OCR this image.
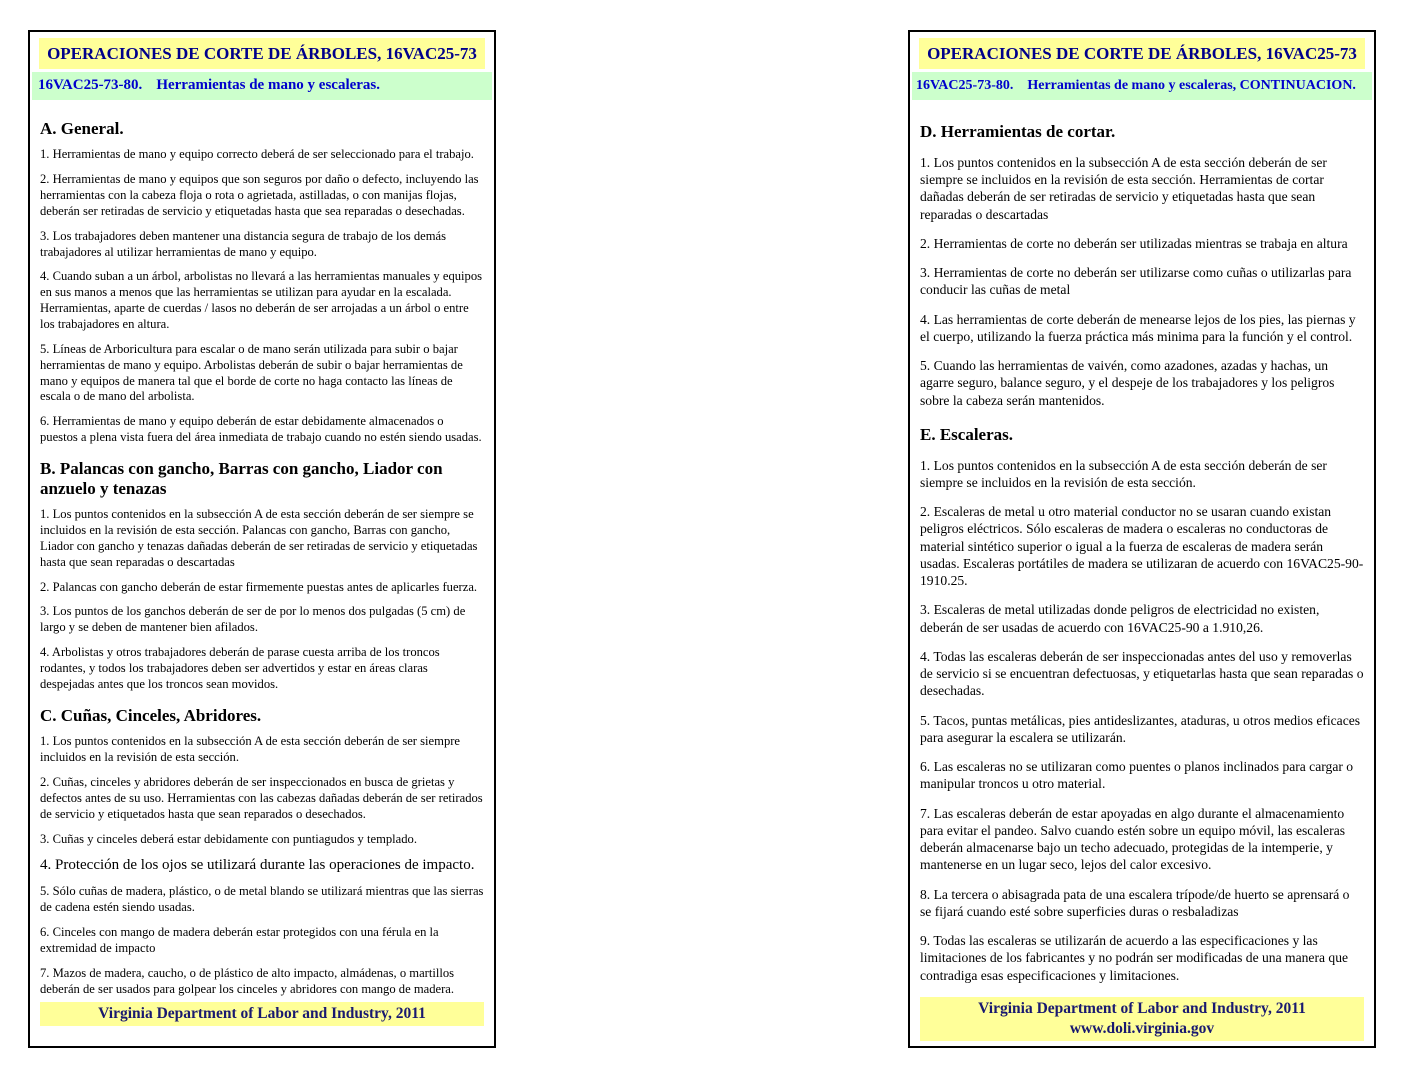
OPERACIONES DE CORTE DE ÁRBOLES, 16VAC25-73
16VAC25-73-80. Herramientas de mano y escaleras.
A. General.

1. Herramientas de mano y equipo correcto deberá de ser seleccionado para el trabajo.

2. Herramientas de mano y equipos que son seguros por daño o defecto, incluyendo las herramientas con la cabeza floja o rota o agrietada, astilladas, o con manijas flojas, deberán ser retiradas de servicio y etiquetadas hasta que sea reparadas o desechadas.

3. Los trabajadores deben mantener una distancia segura de trabajo de los demás trabajadores al utilizar herramientas de mano y equipo.

4. Cuando suban a un árbol, arbolistas no llevará a las herramientas manuales y equipos en sus manos a menos que las herramientas se utilizan para ayudar en la escalada. Herramientas, aparte de cuerdas / lasos no deberán de ser arrojadas a un árbol o entre los trabajadores en altura.

5. Líneas de Arboricultura para escalar o de mano serán utilizada para subir o bajar herramientas de mano y equipo. Arbolistas deberán de subir o bajar herramientas de mano y equipos de manera tal que el borde de corte no haga contacto las líneas de escala o de mano del arbolista.

6. Herramientas de mano y equipo deberán de estar debidamente almacenados o puestos a plena vista fuera del área inmediata de trabajo cuando no estén siendo usadas.

B. Palancas con gancho, Barras con gancho, Liador con anzuelo y tenazas

1. Los puntos contenidos en la subsección A de esta sección deberán de ser siempre se incluidos en la revisión de esta sección. Palancas con gancho, Barras con gancho, Liador con gancho y tenazas dañadas deberán de ser retiradas de servicio y etiquetadas hasta que sean reparadas o descartadas

2. Palancas con gancho deberán de estar firmemente puestas antes de aplicarles fuerza.

3. Los puntos de los ganchos deberán de ser de por lo menos dos pulgadas (5 cm) de largo y se deben de mantener bien afilados.

4. Arbolistas y otros trabajadores deberán de parase cuesta arriba de los troncos rodantes, y todos los trabajadores deben ser advertidos y estar en áreas claras despejadas antes que los troncos sean movidos.

C. Cuñas, Cinceles, Abridores.

1. Los puntos contenidos en la subsección A de esta sección deberán de ser siempre incluidos en la revisión de esta sección.

2. Cuñas, cinceles y abridores deberán de ser inspeccionados en busca de grietas y defectos antes de su uso. Herramientas con las cabezas dañadas deberán de ser retirados de servicio y etiquetados hasta que sean reparados o desechados.

3. Cuñas y cinceles deberá estar debidamente con puntiagudos y templado.

4. Protección de los ojos se utilizará durante las operaciones de impacto.

5. Sólo cuñas de madera, plástico, o de metal blando se utilizará mientras que las sierras de cadena estén siendo usadas.

6. Cinceles con mango de madera deberán estar protegidos con una férula en la extremidad de impacto

7. Mazos de madera, caucho, o de plástico de alto impacto, almádenas, o martillos deberán de ser usados para golpear los cinceles y abridores con mango de madera.

Virginia Department of Labor and Industry, 2011
OPERACIONES DE CORTE DE ÁRBOLES, 16VAC25-73
16VAC25-73-80. Herramientas de mano y escaleras, CONTINUACION.
D. Herramientas de cortar.

1. Los puntos contenidos en la subsección A de esta sección deberán de ser siempre se incluidos en la revisión de esta sección. Herramientas de cortar dañadas deberán de ser retiradas de servicio y etiquetadas hasta que sean reparadas o descartadas

2. Herramientas de corte no deberán ser utilizadas mientras se trabaja en altura

3. Herramientas de corte no deberán ser utilizarse como cuñas o utilizarlas para conducir las cuñas de metal

4. Las herramientas de corte deberán de menearse lejos de los pies, las piernas y el cuerpo, utilizando la fuerza práctica más minima para la función y el control.

5. Cuando las herramientas de vaivén, como azadones, azadas y hachas, un agarre seguro, balance seguro, y el despeje de los trabajadores y los peligros sobre la cabeza serán mantenidos.

E. Escaleras.

1. Los puntos contenidos en la subsección A de esta sección deberán de ser siempre se incluidos en la revisión de esta sección.

2. Escaleras de metal u otro material conductor no se usaran cuando existan peligros eléctricos. Sólo escaleras de madera o escaleras no conductoras de material sintético superior o igual a la fuerza de escaleras de madera serán usadas. Escaleras portátiles de madera se utilizaran de acuerdo con 16VAC25-90-1910.25.

3. Escaleras de metal utilizadas donde peligros de electricidad no existen, deberán de ser usadas de acuerdo con 16VAC25-90 a 1.910,26.

4. Todas las escaleras deberán de ser inspeccionadas antes del uso y removerlas de servicio si se encuentran defectuosas, y etiquetarlas hasta que sean reparadas o desechadas.

5. Tacos, puntas metálicas, pies antideslizantes, ataduras, u otros medios eficaces para asegurar la escalera se utilizarán.

6. Las escaleras no se utilizaran como puentes o planos inclinados para cargar o manipular troncos u otro material.

7. Las escaleras deberán de estar apoyadas en algo durante el almacenamiento para evitar el pandeo. Salvo cuando estén sobre un equipo móvil, las escaleras deberán almacenarse bajo un techo adecuado, protegidas de la intemperie, y mantenerse en un lugar seco, lejos del calor excesivo.

8. La tercera o abisagrada pata de una escalera trípode/de huerto se aprensará o se fijará cuando esté sobre superficies duras o resbaladizas

9. Todas las escaleras se utilizarán de acuerdo a las especificaciones y las limitaciones de los fabricantes y no podrán ser modificadas de una manera que contradiga esas especificaciones y limitaciones.

Virginia Department of Labor and Industry, 2011
www.doli.virginia.gov
